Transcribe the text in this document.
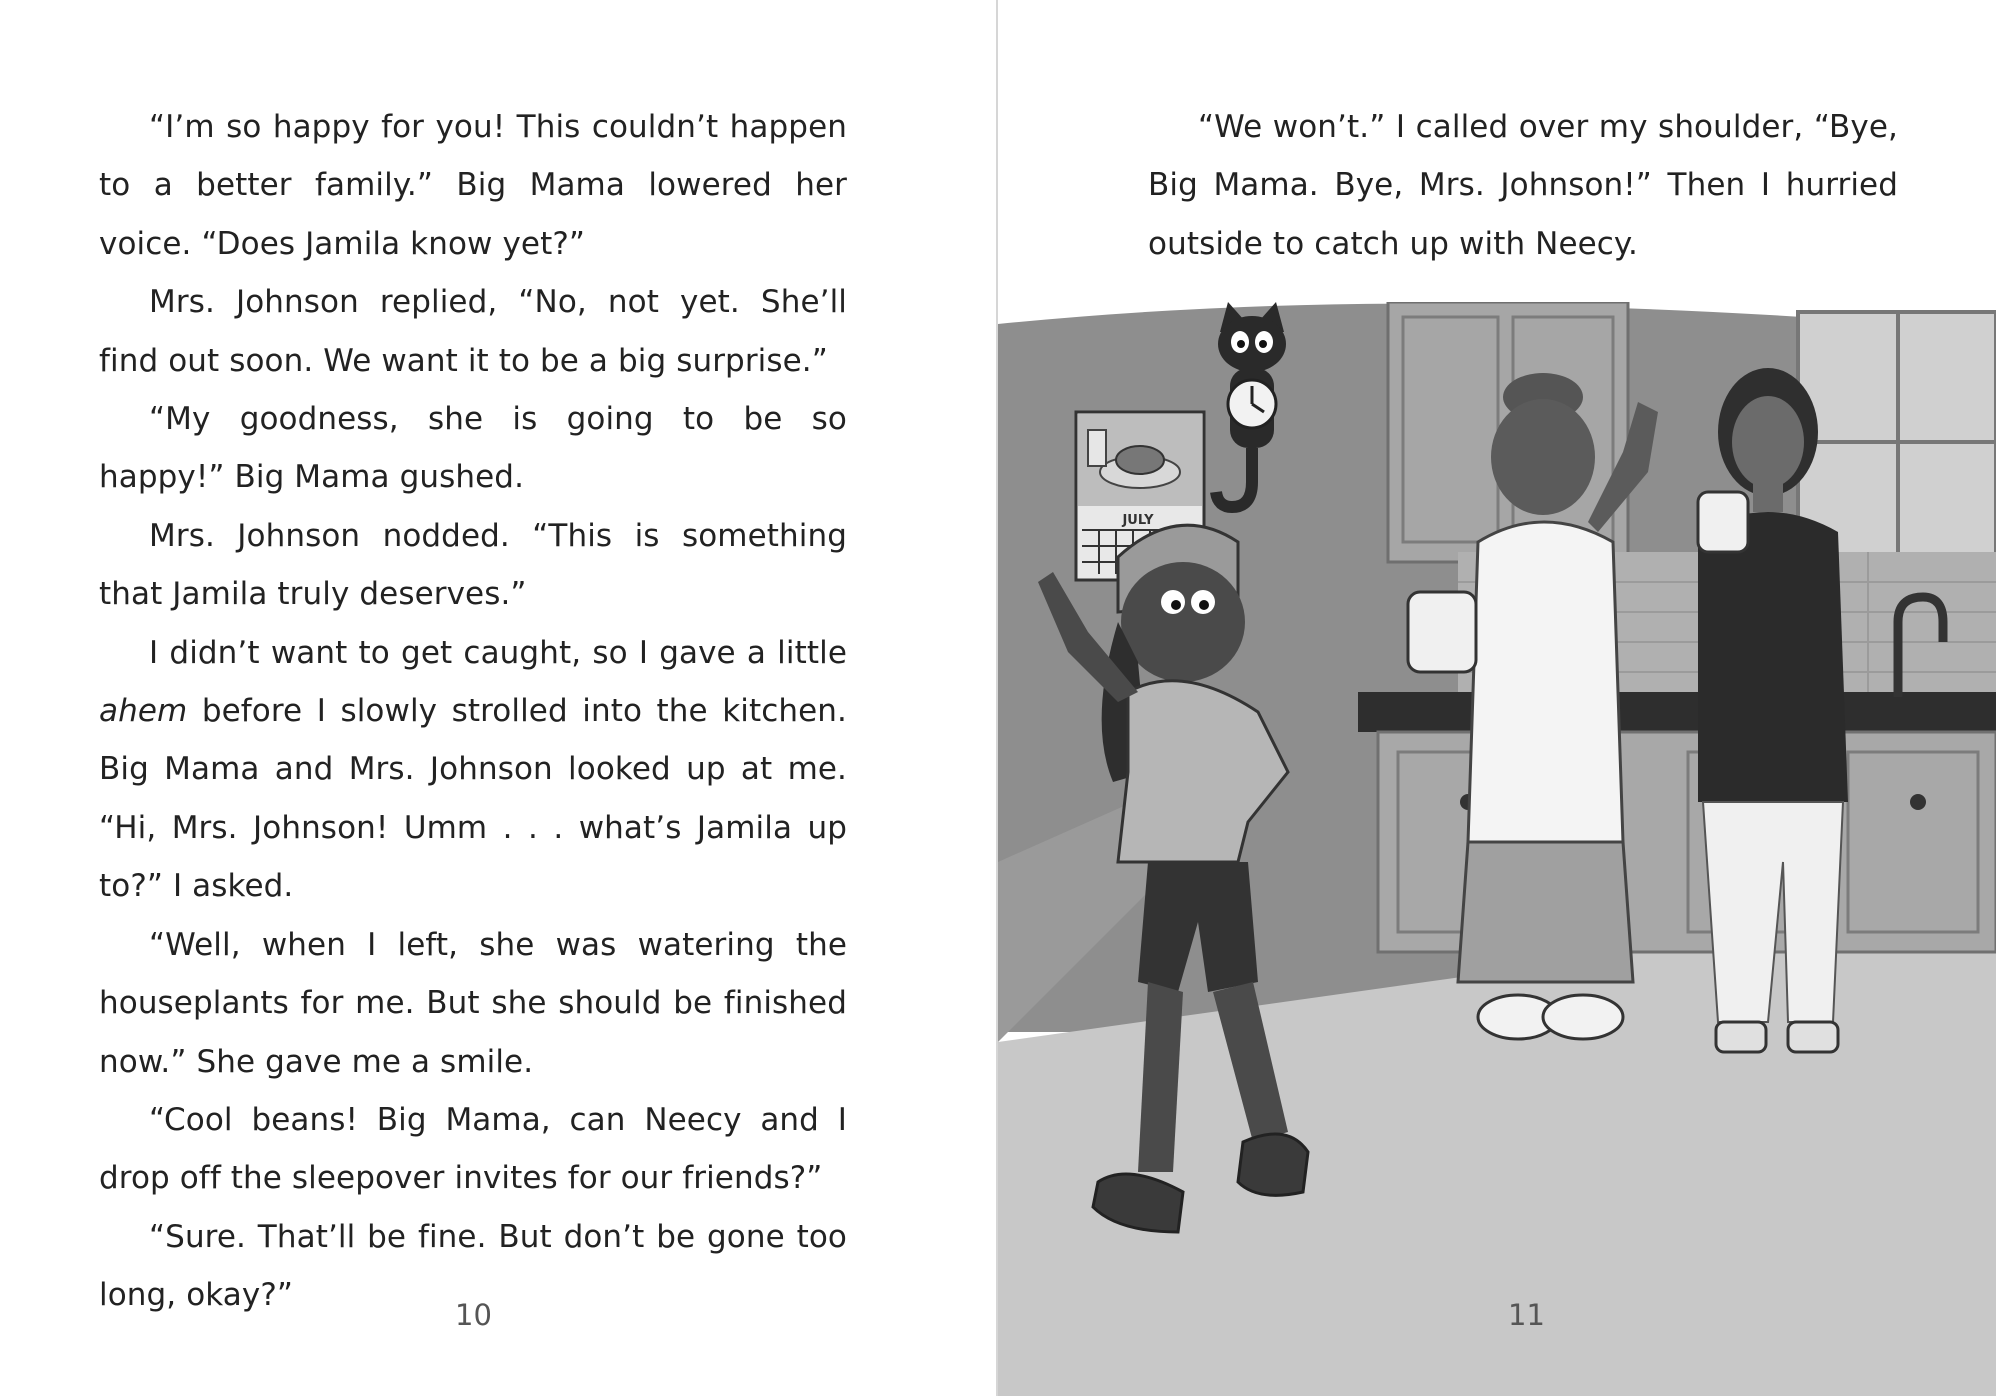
“I’m so happy for you! This couldn’t happen to a better family.” Big Mama lowered her voice. “Does Jamila know yet?”

Mrs. Johnson replied, “No, not yet. She’ll find out soon. We want it to be a big surprise.”

“My goodness, she is going to be so happy!” Big Mama gushed.

Mrs. Johnson nodded. “This is something that Jamila truly deserves.”

I didn’t want to get caught, so I gave a little ahem before I slowly strolled into the kitchen. Big Mama and Mrs. Johnson looked up at me. “Hi, Mrs. Johnson! Umm . . . what’s Jamila up to?” I asked.

“Well, when I left, she was watering the houseplants for me. But she should be finished now.” She gave me a smile.

“Cool beans! Big Mama, can Neecy and I drop off the sleepover invites for our friends?”

“Sure. That’ll be fine. But don’t be gone too long, okay?”

10

“We won’t.” I called over my shoulder, “Bye, Big Mama. Bye, Mrs. Johnson!” Then I hurried outside to catch up with Neecy.

JULY
11
